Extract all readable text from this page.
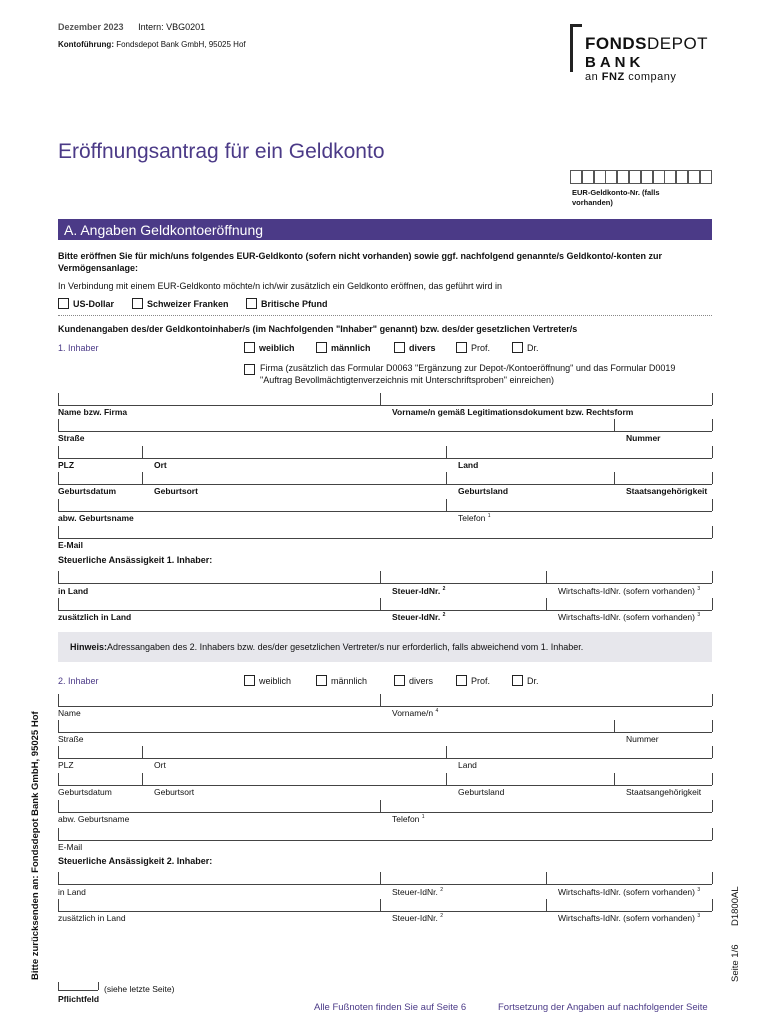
Dezember 2023 Intern: VBG0201
Kontoführung: Fondsdepot Bank GmbH, 95025 Hof	FONDSDEPOT
BANK
an FNZ company
Eröffnungsantrag für ein Geldkonto
EUR-Geldkonto-Nr. (falls vorhanden)
A. Angaben Geldkontoeröffnung
Bitte eröffnen Sie für mich/uns folgendes EUR-Geldkonto (sofern nicht vorhanden) sowie ggf. nachfolgend genannte/s Geldkonto/-konten zur Vermögensanlage:
In Verbindung mit einem EUR-Geldkonto möchte/n ich/wir zusätzlich ein Geldkonto eröffnen, das geführt wird in
US-Dollar	Schweizer Franken	Britische Pfund
Kundenangaben des/der Geldkontoinhaber/s (im Nachfolgenden "Inhaber" genannt) bzw. des/der gesetzlichen Vertreter/s
1. Inhaber	weiblich	männlich	divers	Prof.	Dr.
Firma (zusätzlich das Formular D0063 "Ergänzung zur Depot-/Kontoeröffnung" und das Formular D0019 "Auftrag Bevollmächtigtenverzeichnis mit Unterschriftsproben" einreichen)
Name bzw. Firma	Vorname/n gemäß Legitimationsdokument bzw. Rechtsform
Straße	Nummer
PLZ	Ort	Land
Geburtsdatum	Geburtsort	Geburtsland	Staatsangehörigkeit
abw. Geburtsname	Telefon $^1$
E-Mail
Steuerliche Ansässigkeit 1. Inhaber:
in Land	Steuer-IdNr. $^2$	Wirtschafts-IdNr. (sofern vorhanden) $^3$
zusätzlich in Land	Steuer-IdNr. $^2$	Wirtschafts-IdNr. (sofern vorhanden) $^3$
Hinweis: Adressangaben des 2. Inhabers bzw. des/der gesetzlichen Vertreter/s nur erforderlich, falls abweichend vom 1. Inhaber.
2. Inhaber	weiblich	männlich	divers	Prof.	Dr.
Name	Vorname/n $^4$
Straße	Nummer
PLZ	Ort	Land
Geburtsdatum	Geburtsort	Geburtsland	Staatsangehörigkeit
abw. Geburtsname	Telefon $^1$
E-Mail
Steuerliche Ansässigkeit 2. Inhaber:
in Land	Steuer-IdNr. $^2$	Wirtschafts-IdNr. (sofern vorhanden) $^3$
zusätzlich in Land	Steuer-IdNr. $^2$	Wirtschafts-IdNr. (sofern vorhanden) $^3$
(siehe letzte Seite)
Pflichtfeld
Alle Fußnoten finden Sie auf Seite 6	Fortsetzung der Angaben auf nachfolgender Seite
Bitte zurücksenden an: Fondsdepot Bank GmbH, 95025 Hof	D1800AL
Seite 1/6
